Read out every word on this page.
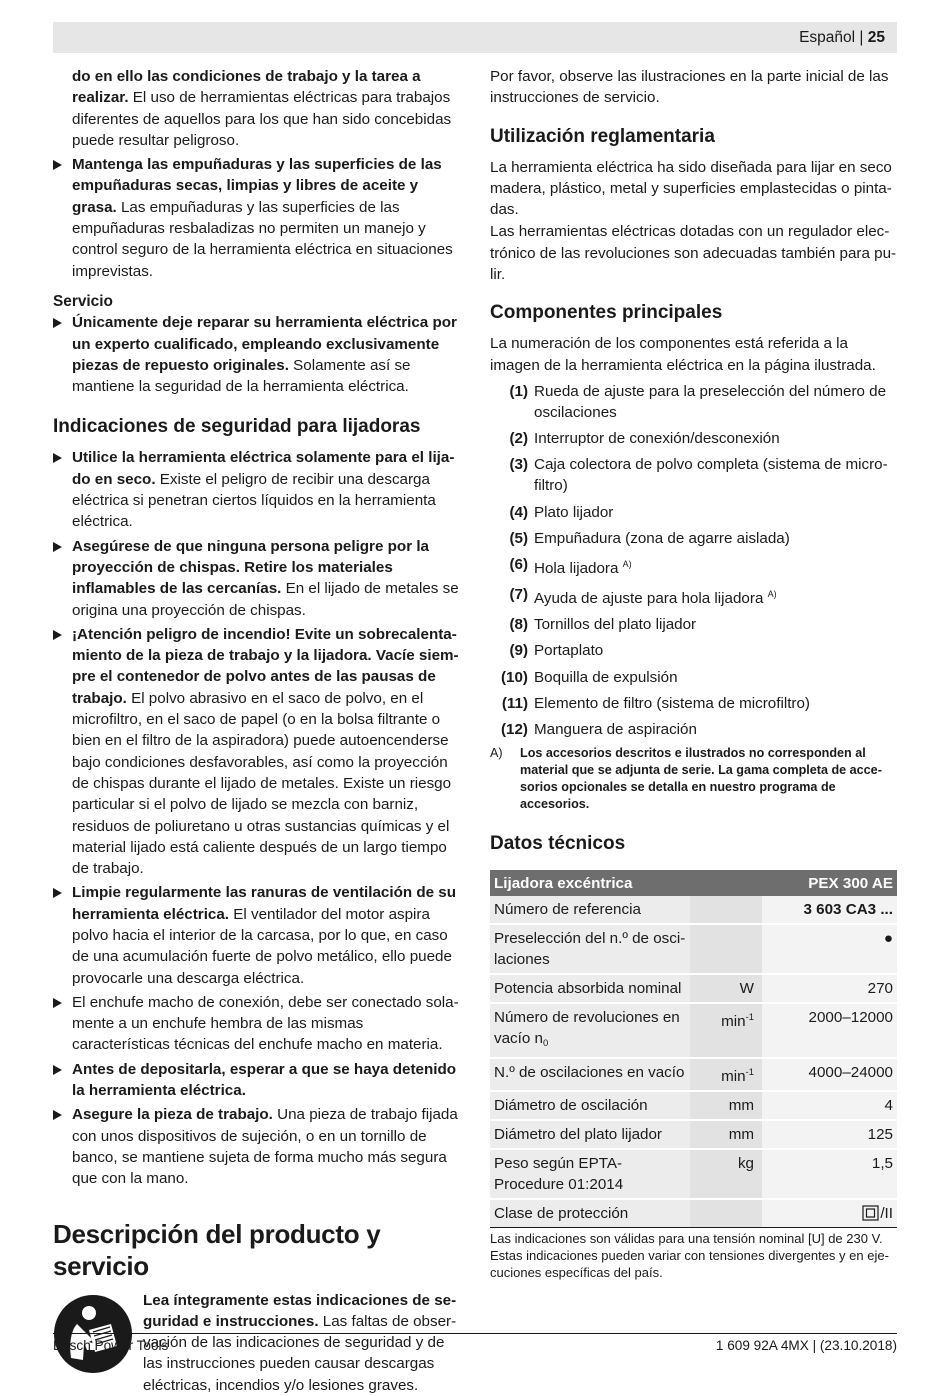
Español | 25

do en ello las condiciones de trabajo y la tarea a realizar. El uso de herramientas eléctricas para trabajos diferentes de aquellos para los que han sido concebidas puede resultar peligroso.

Mantenga las empuñaduras y las superficies de las empuñaduras secas, limpias y libres de aceite y grasa. Las empuñaduras y las superficies de las empuñaduras resbaladizas no permiten un manejo y control seguro de la herramienta eléctrica en situaciones imprevistas.

Servicio

Únicamente deje reparar su herramienta eléctrica por un experto cualificado, empleando exclusivamente piezas de repuesto originales. Solamente así se mantiene la seguridad de la herramienta eléctrica.

Indicaciones de seguridad para lijadoras

Utilice la herramienta eléctrica solamente para el lijado en seco. Existe el peligro de recibir una descarga eléctrica si penetran ciertos líquidos en la herramienta eléctrica.
Asegúrese de que ninguna persona peligre por la proyección de chispas. Retire los materiales inflamables de las cercanías. En el lijado de metales se origina una proyección de chispas.
¡Atención peligro de incendio! Evite un sobrecalentamiento de la pieza de trabajo y la lijadora. Vacíe siempre el contenedor de polvo antes de las pausas de trabajo. El polvo abrasivo en el saco de polvo, en el microfiltro, en el saco de papel (o en la bolsa filtrante o bien en el filtro de la aspiradora) puede autoencenderse bajo condiciones desfavorables, así como la proyección de chispas durante el lijado de metales. Existe un riesgo particular si el polvo de lijado se mezcla con barniz, residuos de poliuretano u otras sustancias químicas y el material lijado está caliente después de un largo tiempo de trabajo.
Limpie regularmente las ranuras de ventilación de su herramienta eléctrica. El ventilador del motor aspira polvo hacia el interior de la carcasa, por lo que, en caso de una acumulación fuerte de polvo metálico, ello puede provocarle una descarga eléctrica.
El enchufe macho de conexión, debe ser conectado solamente a un enchufe hembra de las mismas características técnicas del enchufe macho en materia.
Antes de depositarla, esperar a que se haya detenido la herramienta eléctrica.
Asegure la pieza de trabajo. Una pieza de trabajo fijada con unos dispositivos de sujeción, o en un tornillo de banco, se mantiene sujeta de forma mucho más segura que con la mano.

Descripción del producto y servicio

Lea íntegramente estas indicaciones de seguridad e instrucciones. Las faltas de observación de las indicaciones de seguridad y de las instrucciones pueden causar descargas eléctricas, incendios y/o lesiones graves.

Por favor, observe las ilustraciones en la parte inicial de las instrucciones de servicio.

Utilización reglamentaria

La herramienta eléctrica ha sido diseñada para lijar en seco madera, plástico, metal y superficies emplastecidas o pintadas.

Las herramientas eléctricas dotadas con un regulador electrónico de las revoluciones son adecuadas también para pulir.

Componentes principales

La numeración de los componentes está referida a la imagen de la herramienta eléctrica en la página ilustrada.

(1) Rueda de ajuste para la preselección del número de oscilaciones
(2) Interruptor de conexión/desconexión
(3) Caja colectora de polvo completa (sistema de microfiltro)
(4) Plato lijador
(5) Empuñadura (zona de agarre aislada)
(6) Hola lijadora $^{A)}$
(7) Ayuda de ajuste para hola lijadora $^{A)}$
(8) Tornillos del plato lijador
(9) Portaplato
(10) Boquilla de expulsión
(11) Elemento de filtro (sistema de microfiltro)
(12) Manguera de aspiración
A) Los accesorios descritos e ilustrados no corresponden al material que se adjunta de serie. La gama completa de accesorios opcionales se detalla en nuestro programa de accesorios.

Datos técnicos

Lijadora excéntrica		PEX 300 AE
Número de referencia		3 603 CA3 ...
Preselección del n.º de oscilaciones		●
Potencia absorbida nominal	W	270
Número de revoluciones en vacío $n_0$	$\min^{-1}$	2000–12000
N.º de oscilaciones en vacío	$\min^{-1}$	4000–24000
Diámetro de oscilación	mm	4
Diámetro del plato lijador	mm	125
Peso según EPTA-Procedure 01:2014	kg	1,5
Clase de protección		/II

Las indicaciones son válidas para una tensión nominal [U] de 230 V. Estas indicaciones pueden variar con tensiones divergentes y en ejecuciones específicas del país.

Bosch Power Tools	1 609 92A 4MX | (23.10.2018)
